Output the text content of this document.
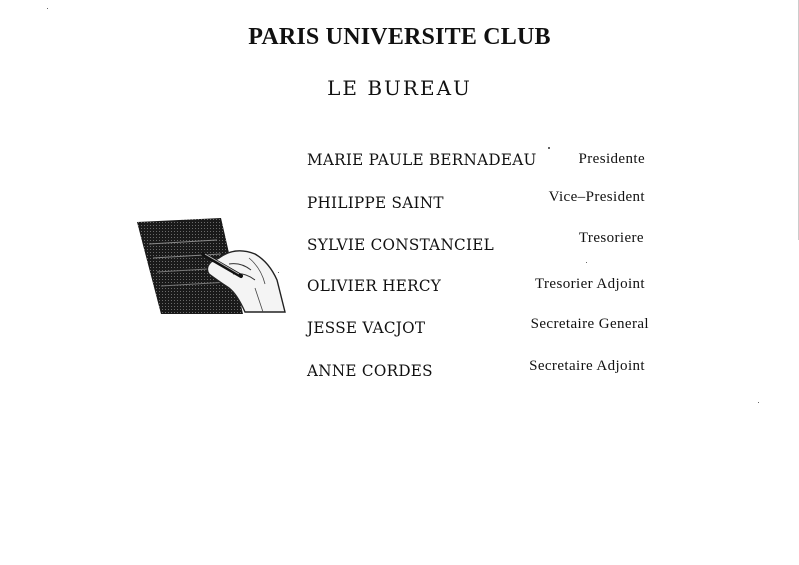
PARIS UNIVERSITE CLUB
LE BUREAU
MARIE PAULE BERNADEAU	Presidente
PHILIPPE SAINT	Vice–President
SYLVIE CONSTANCIEL	Tresoriere
OLIVIER HERCY	Tresorier Adjoint
JESSE VACJOT	Secretaire General
ANNE CORDES	Secretaire Adjoint
